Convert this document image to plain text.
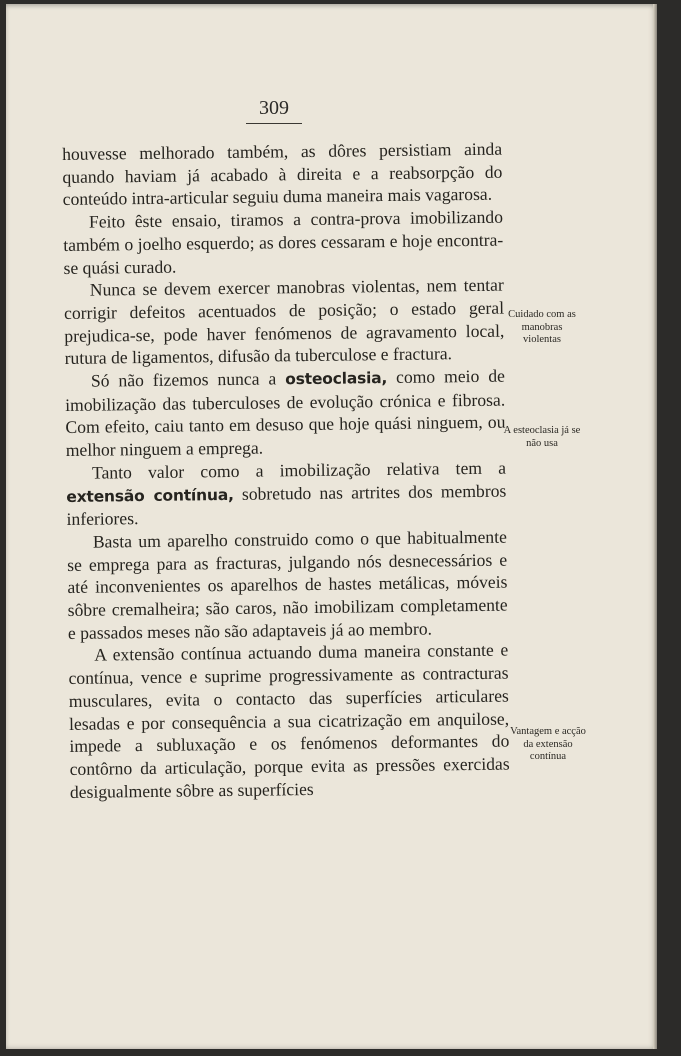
309

houvesse melhorado também, as dôres persistiam ainda quando haviam já acabado à direita e a reabsorpção do conteúdo intra-articular seguiu duma maneira mais vagarosa.

Feito êste ensaio, tiramos a contra-prova imobilizando também o joelho esquerdo; as dores cessaram e hoje encontra-se quási curado.

Nunca se devem exercer manobras violentas, nem tentar corrigir defeitos acentuados de posição; o estado geral prejudica-se, pode haver fenómenos de agravamento local, rutura de ligamentos, difusão da tuberculose e fractura.

Só não fizemos nunca a osteoclasia, como meio de imobilização das tuberculoses de evolução crónica e fibrosa. Com efeito, caiu tanto em desuso que hoje quási ninguem, ou melhor ninguem a emprega.

Tanto valor como a imobilização relativa tem a extensão contínua, sobretudo nas artrites dos membros inferiores.

Basta um aparelho construido como o que habitualmente se emprega para as fracturas, julgando nós desnecessários e até inconvenientes os aparelhos de hastes metálicas, móveis sôbre cremalheira; são caros, não imobilizam completamente e passados meses não são adaptaveis já ao membro.

A extensão contínua actuando duma maneira constante e contínua, vence e suprime progressivamente as contracturas musculares, evita o contacto das superfícies articulares lesadas e por consequência a sua cicatrização em anquilose, impede a subluxação e os fenómenos deformantes do contôrno da articulação, porque evita as pressões exercidas desigualmente sôbre as superfícies

Cuidado com as manobras violentas
A esteoclasia já se não usa
Vantagem e acção da extensão contínua
